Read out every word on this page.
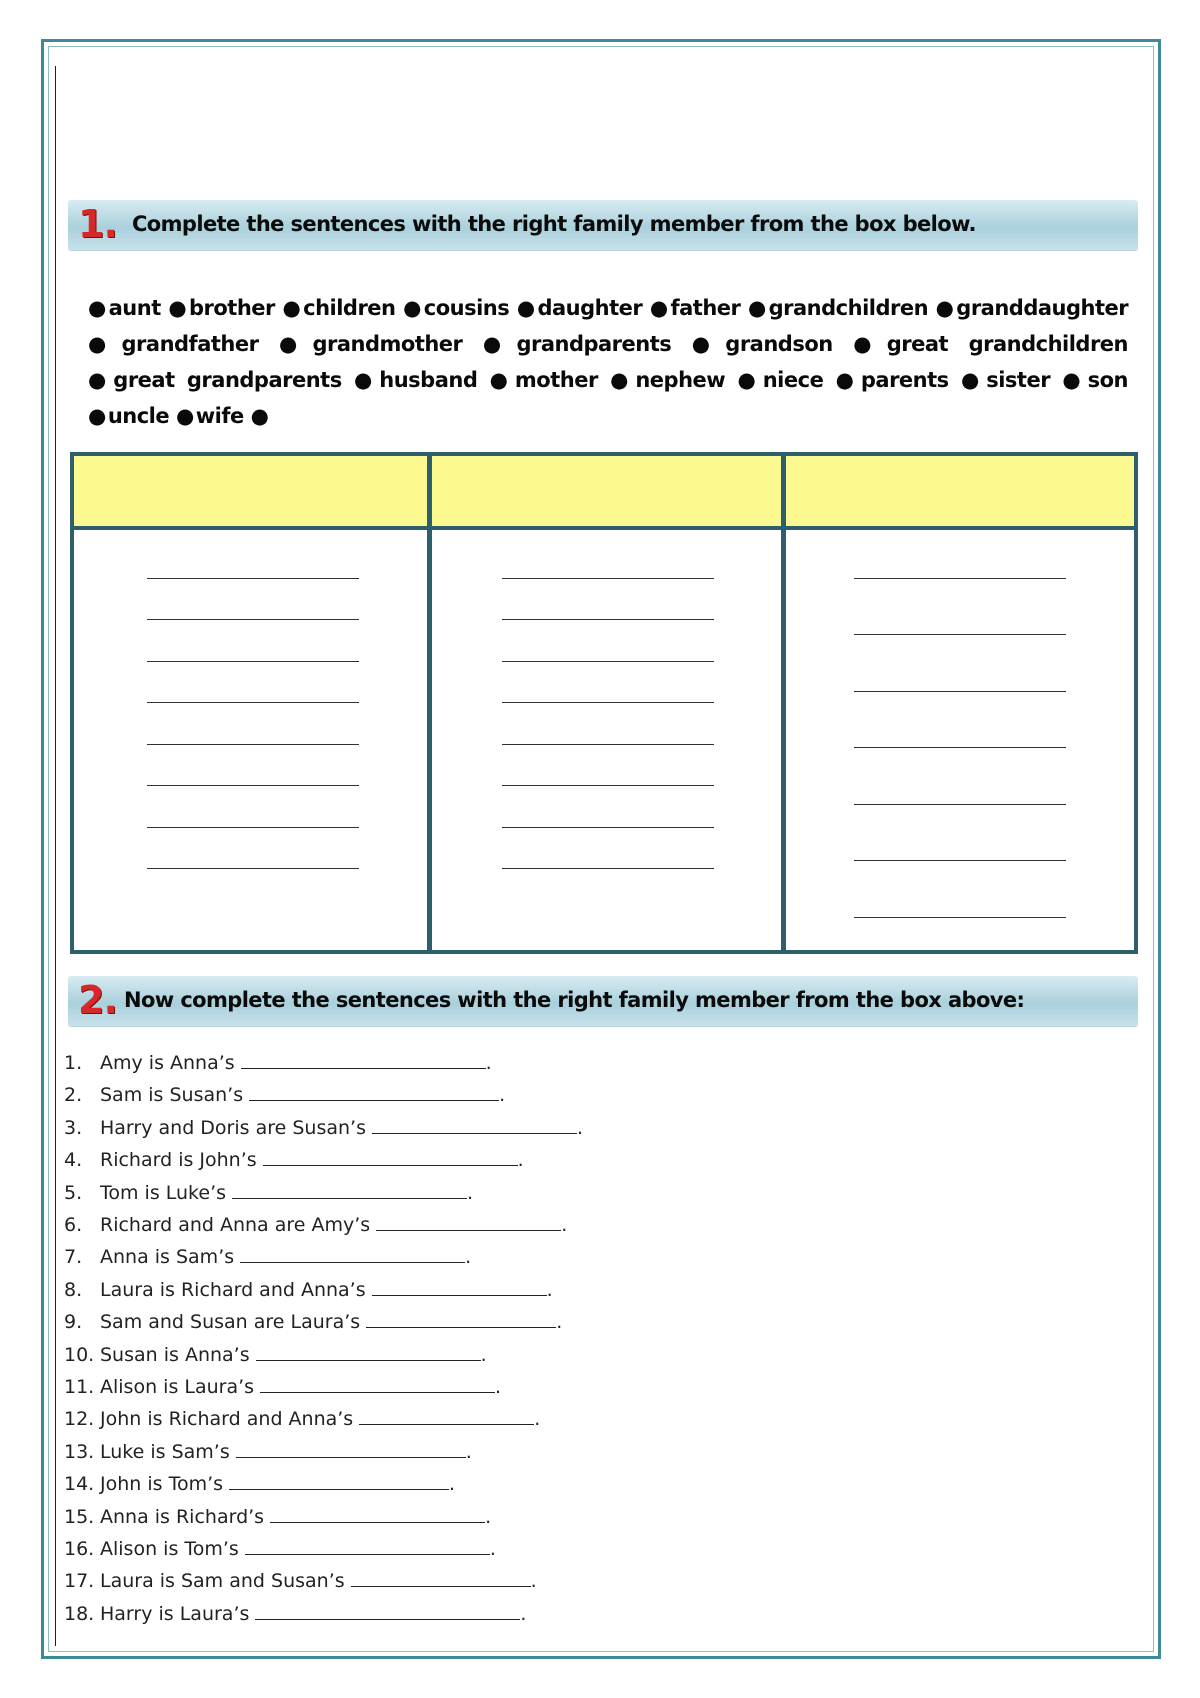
1. Complete the sentences with the right family member from the box below.
●aunt ●brother ●children ●cousins ●daughter ●father ●grandchildren ●granddaughter ●grandfather ●grandmother ●grandparents ●grandson ●great grandchildren ●great grandparents ●husband ●mother ●nephew ●niece ●parents ●sister ●son ●uncle ●wife ●
2. Now complete the sentences with the right family member from the box above:
1. Amy is Anna’s	.
2. Sam is Susan’s	.
3. Harry and Doris are Susan’s	.
4. Richard is John’s	.
5. Tom is Luke’s	.
6. Richard and Anna are Amy’s	.
7. Anna is Sam’s	.
8. Laura is Richard and Anna’s	.
9. Sam and Susan are Laura’s	.
10. Susan is Anna’s	.
11. Alison is Laura’s	.
12. John is Richard and Anna’s	.
13. Luke is Sam’s	.
14. John is Tom’s	.
15. Anna is Richard’s	.
16. Alison is Tom’s	.
17. Laura is Sam and Susan’s	.
18. Harry is Laura’s	.
